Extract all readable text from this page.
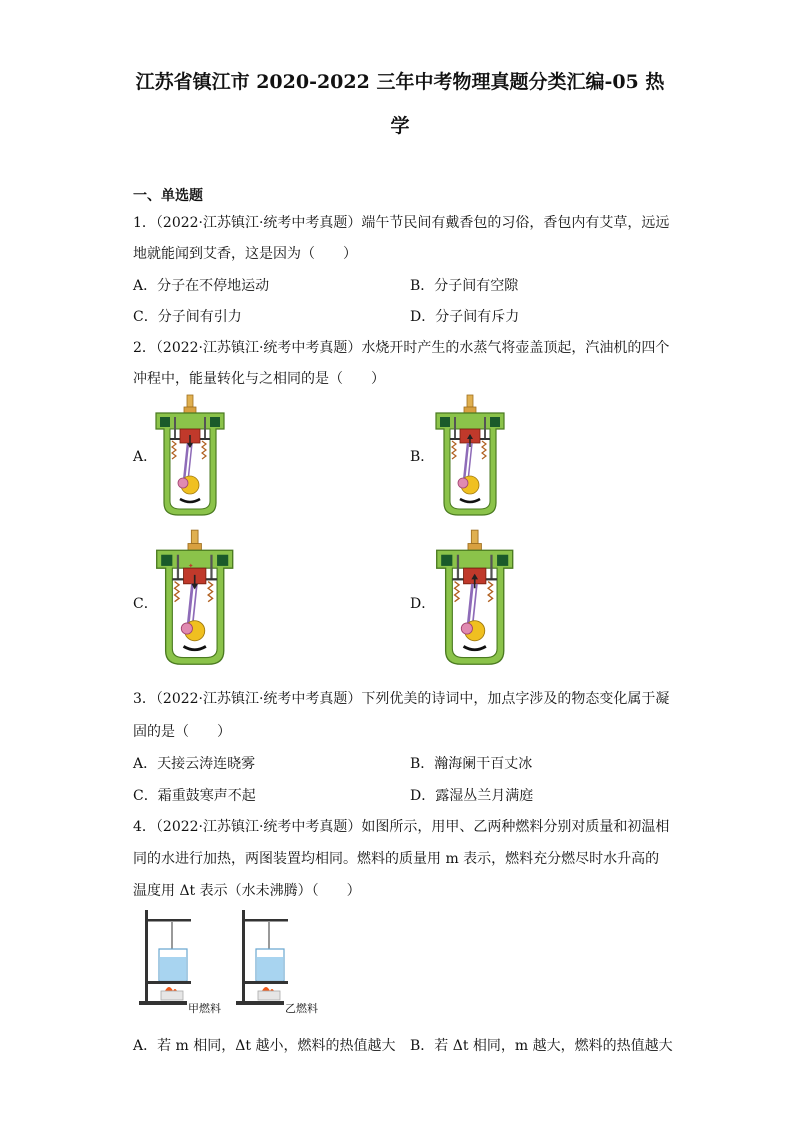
江苏省镇江市 2020-2022 三年中考物理真题分类汇编-05 热
学
一、单选题
1．（2022·江苏镇江·统考中考真题）端午节民间有戴香包的习俗，香包内有艾草，远远
地就能闻到艾香，这是因为（　　）
A．分子在不停地运动	B．分子间有空隙
C．分子间有引力	D．分子间有斥力
2．（2022·江苏镇江·统考中考真题）水烧开时产生的水蒸气将壶盖顶起，汽油机的四个
冲程中，能量转化与之相同的是（　　）
A．	B．
C．	D．
✦
3．（2022·江苏镇江·统考中考真题）下列优美的诗词中，加点字涉及的物态变化属于凝
固的是（　　）
A．天接云涛连晓雾	B．瀚海阑干百丈冰
C．霜重鼓寒声不起	D．露湿丛兰月满庭
4．（2022·江苏镇江·统考中考真题）如图所示，用甲、乙两种燃料分别对质量和初温相
同的水进行加热，两图装置均相同。燃料的质量用 m 表示，燃料充分燃尽时水升高的
温度用 Δt 表示（水未沸腾）（　　）
甲燃料	乙燃料
A．若 m 相同，Δt 越小，燃料的热值越大 B．若 Δt 相同，m 越大，燃料的热值越大
